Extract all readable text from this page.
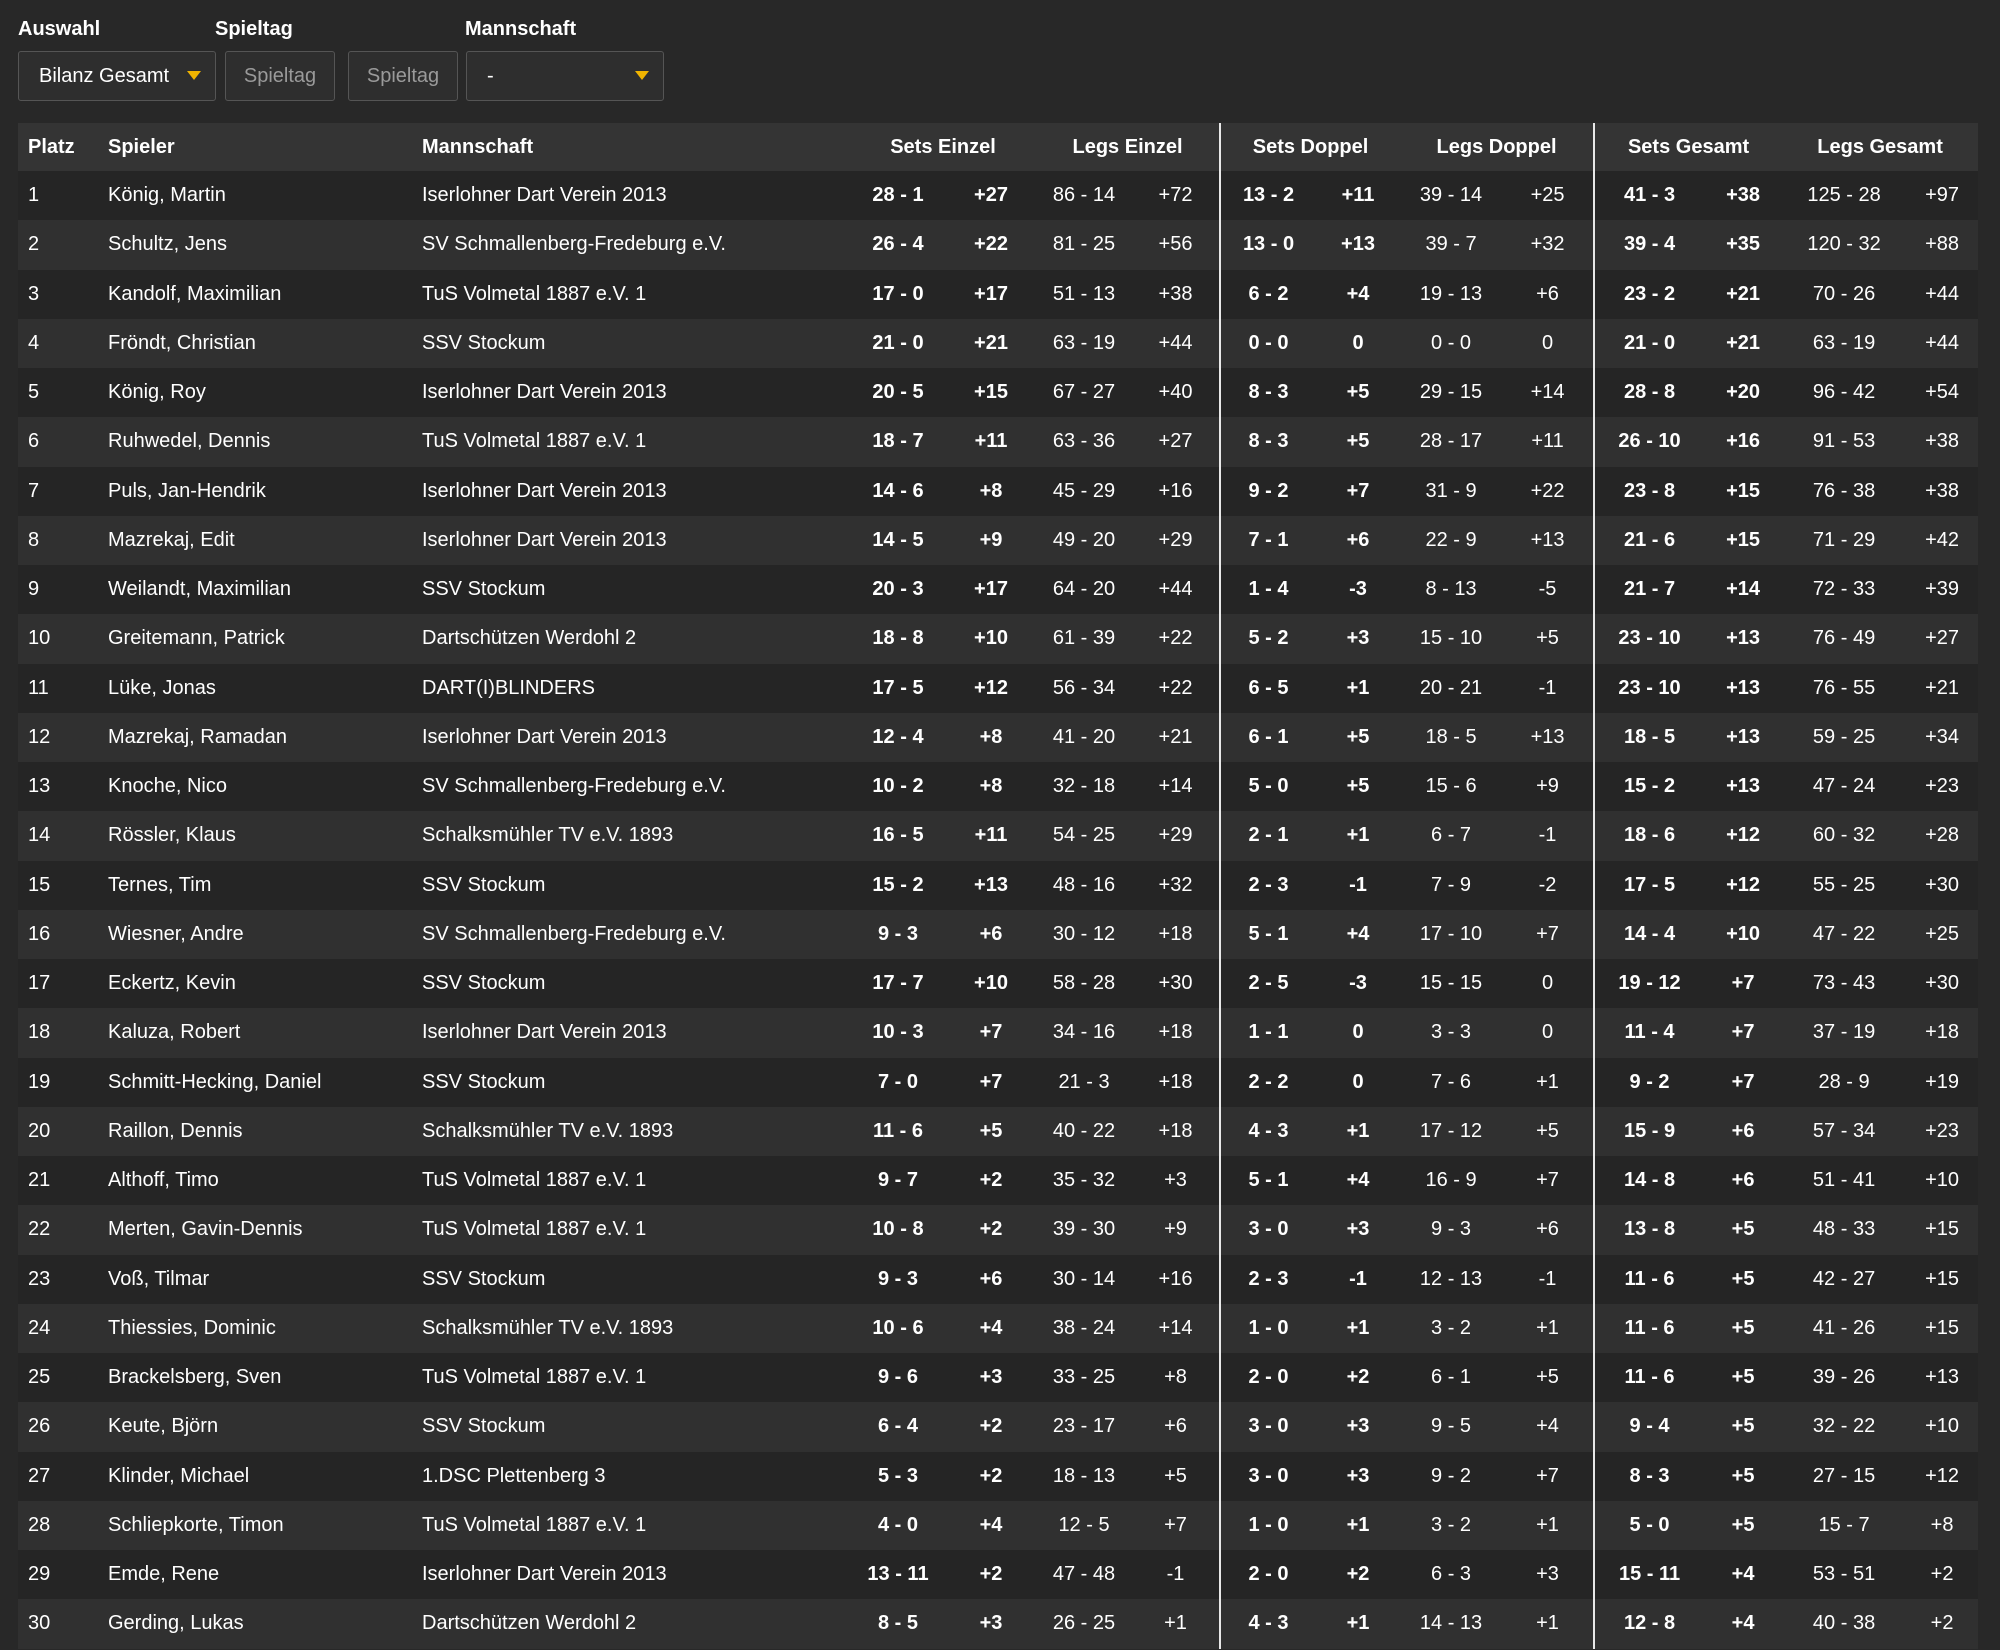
Auswahl	Spieltag	Mannschaft
Bilanz Gesamt	Spieltag	Spieltag -
Platz	Spieler	Mannschaft	Sets Einzel		Legs Einzel		Sets Doppel		Legs Doppel		Sets Gesamt		Legs Gesamt	
1	König, Martin	Iserlohner Dart Verein 2013	28 - 1	+27	86 - 14	+72	13 - 2	+11	39 - 14	+25	41 - 3	+38	125 - 28	+97
2	Schultz, Jens	SV Schmallenberg-Fredeburg e.V.	26 - 4	+22	81 - 25	+56	13 - 0	+13	39 - 7	+32	39 - 4	+35	120 - 32	+88
3	Kandolf, Maximilian	TuS Volmetal 1887 e.V. 1	17 - 0	+17	51 - 13	+38	6 - 2	+4	19 - 13	+6	23 - 2	+21	70 - 26	+44
4	Fröndt, Christian	SSV Stockum	21 - 0	+21	63 - 19	+44	0 - 0	0	0 - 0	0	21 - 0	+21	63 - 19	+44
5	König, Roy	Iserlohner Dart Verein 2013	20 - 5	+15	67 - 27	+40	8 - 3	+5	29 - 15	+14	28 - 8	+20	96 - 42	+54
6	Ruhwedel, Dennis	TuS Volmetal 1887 e.V. 1	18 - 7	+11	63 - 36	+27	8 - 3	+5	28 - 17	+11	26 - 10	+16	91 - 53	+38
7	Puls, Jan-Hendrik	Iserlohner Dart Verein 2013	14 - 6	+8	45 - 29	+16	9 - 2	+7	31 - 9	+22	23 - 8	+15	76 - 38	+38
8	Mazrekaj, Edit	Iserlohner Dart Verein 2013	14 - 5	+9	49 - 20	+29	7 - 1	+6	22 - 9	+13	21 - 6	+15	71 - 29	+42
9	Weilandt, Maximilian	SSV Stockum	20 - 3	+17	64 - 20	+44	1 - 4	-3	8 - 13	-5	21 - 7	+14	72 - 33	+39
10	Greitemann, Patrick	Dartschützen Werdohl 2	18 - 8	+10	61 - 39	+22	5 - 2	+3	15 - 10	+5	23 - 10	+13	76 - 49	+27
11	Lüke, Jonas	DART(I)BLINDERS	17 - 5	+12	56 - 34	+22	6 - 5	+1	20 - 21	-1	23 - 10	+13	76 - 55	+21
12	Mazrekaj, Ramadan	Iserlohner Dart Verein 2013	12 - 4	+8	41 - 20	+21	6 - 1	+5	18 - 5	+13	18 - 5	+13	59 - 25	+34
13	Knoche, Nico	SV Schmallenberg-Fredeburg e.V.	10 - 2	+8	32 - 18	+14	5 - 0	+5	15 - 6	+9	15 - 2	+13	47 - 24	+23
14	Rössler, Klaus	Schalksmühler TV e.V. 1893	16 - 5	+11	54 - 25	+29	2 - 1	+1	6 - 7	-1	18 - 6	+12	60 - 32	+28
15	Ternes, Tim	SSV Stockum	15 - 2	+13	48 - 16	+32	2 - 3	-1	7 - 9	-2	17 - 5	+12	55 - 25	+30
16	Wiesner, Andre	SV Schmallenberg-Fredeburg e.V.	9 - 3	+6	30 - 12	+18	5 - 1	+4	17 - 10	+7	14 - 4	+10	47 - 22	+25
17	Eckertz, Kevin	SSV Stockum	17 - 7	+10	58 - 28	+30	2 - 5	-3	15 - 15	0	19 - 12	+7	73 - 43	+30
18	Kaluza, Robert	Iserlohner Dart Verein 2013	10 - 3	+7	34 - 16	+18	1 - 1	0	3 - 3	0	11 - 4	+7	37 - 19	+18
19	Schmitt-Hecking, Daniel	SSV Stockum	7 - 0	+7	21 - 3	+18	2 - 2	0	7 - 6	+1	9 - 2	+7	28 - 9	+19
20	Raillon, Dennis	Schalksmühler TV e.V. 1893	11 - 6	+5	40 - 22	+18	4 - 3	+1	17 - 12	+5	15 - 9	+6	57 - 34	+23
21	Althoff, Timo	TuS Volmetal 1887 e.V. 1	9 - 7	+2	35 - 32	+3	5 - 1	+4	16 - 9	+7	14 - 8	+6	51 - 41	+10
22	Merten, Gavin-Dennis	TuS Volmetal 1887 e.V. 1	10 - 8	+2	39 - 30	+9	3 - 0	+3	9 - 3	+6	13 - 8	+5	48 - 33	+15
23	Voß, Tilmar	SSV Stockum	9 - 3	+6	30 - 14	+16	2 - 3	-1	12 - 13	-1	11 - 6	+5	42 - 27	+15
24	Thiessies, Dominic	Schalksmühler TV e.V. 1893	10 - 6	+4	38 - 24	+14	1 - 0	+1	3 - 2	+1	11 - 6	+5	41 - 26	+15
25	Brackelsberg, Sven	TuS Volmetal 1887 e.V. 1	9 - 6	+3	33 - 25	+8	2 - 0	+2	6 - 1	+5	11 - 6	+5	39 - 26	+13
26	Keute, Björn	SSV Stockum	6 - 4	+2	23 - 17	+6	3 - 0	+3	9 - 5	+4	9 - 4	+5	32 - 22	+10
27	Klinder, Michael	1.DSC Plettenberg 3	5 - 3	+2	18 - 13	+5	3 - 0	+3	9 - 2	+7	8 - 3	+5	27 - 15	+12
28	Schliepkorte, Timon	TuS Volmetal 1887 e.V. 1	4 - 0	+4	12 - 5	+7	1 - 0	+1	3 - 2	+1	5 - 0	+5	15 - 7	+8
29	Emde, Rene	Iserlohner Dart Verein 2013	13 - 11	+2	47 - 48	-1	2 - 0	+2	6 - 3	+3	15 - 11	+4	53 - 51	+2
30	Gerding, Lukas	Dartschützen Werdohl 2	8 - 5	+3	26 - 25	+1	4 - 3	+1	14 - 13	+1	12 - 8	+4	40 - 38	+2
